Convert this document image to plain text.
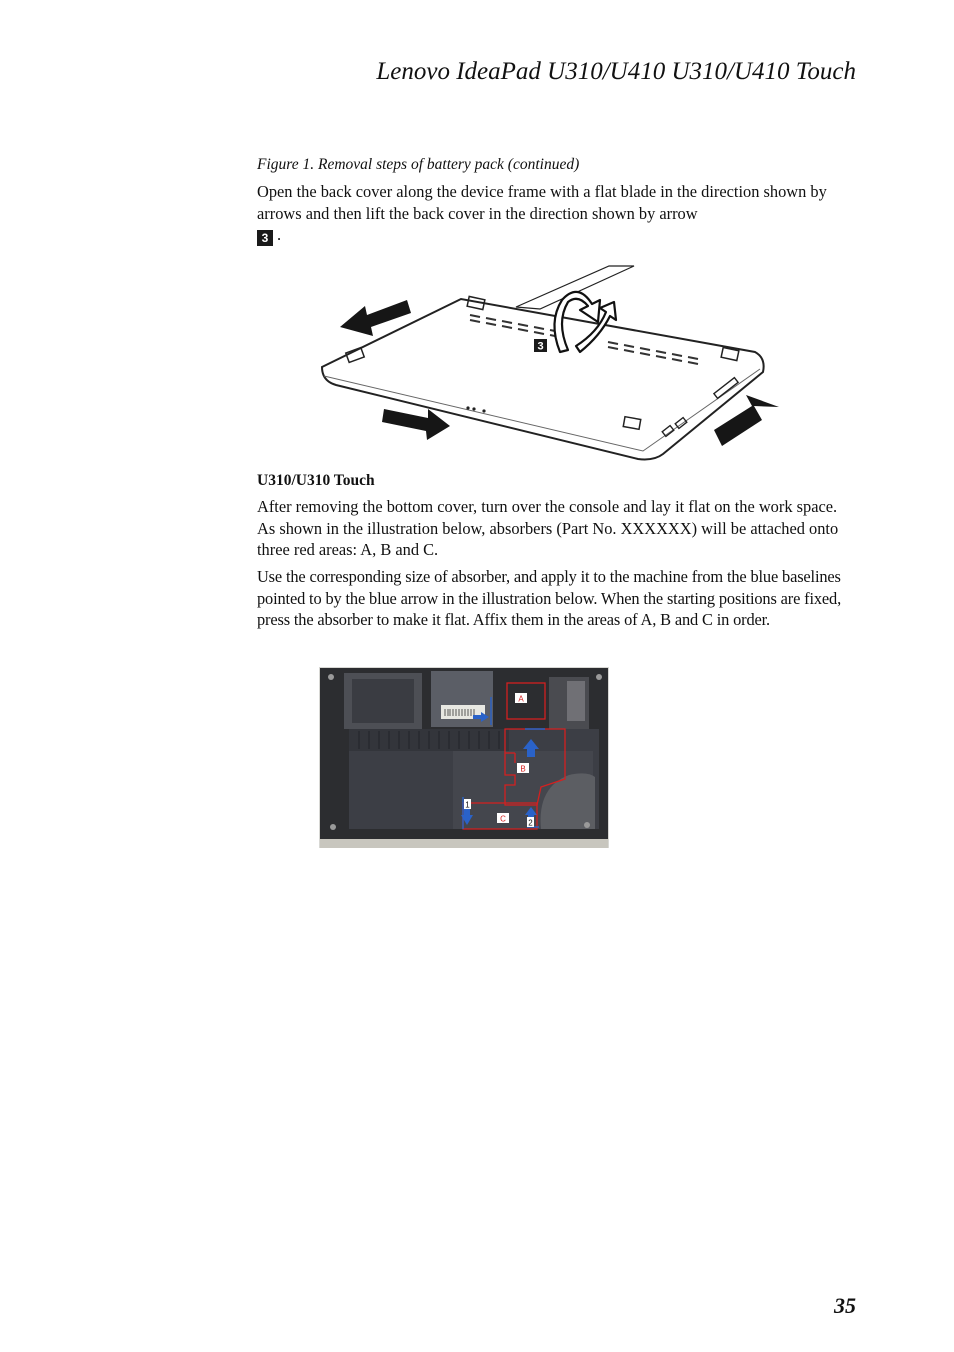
Lenovo IdeaPad U310/U410 U310/U410 Touch
Figure 1. Removal steps of battery pack (continued)

Open the back cover along the device frame with a flat blade in the direction shown by arrows and then lift the back cover in the direction shown by arrow
3 .

3
U310/U310 Touch

After removing the bottom cover, turn over the console and lay it flat on the work space. As shown in the illustration below, absorbers (Part No. XXXXXX) will be attached onto three red areas: A, B and C.

Use the corresponding size of absorber, and apply it to the machine from the blue baselines pointed to by the blue arrow in the illustration below. When the starting positions are fixed, press the absorber to make it flat. Affix them in the areas of A, B and C in order.

A
B
C
1
2
35
